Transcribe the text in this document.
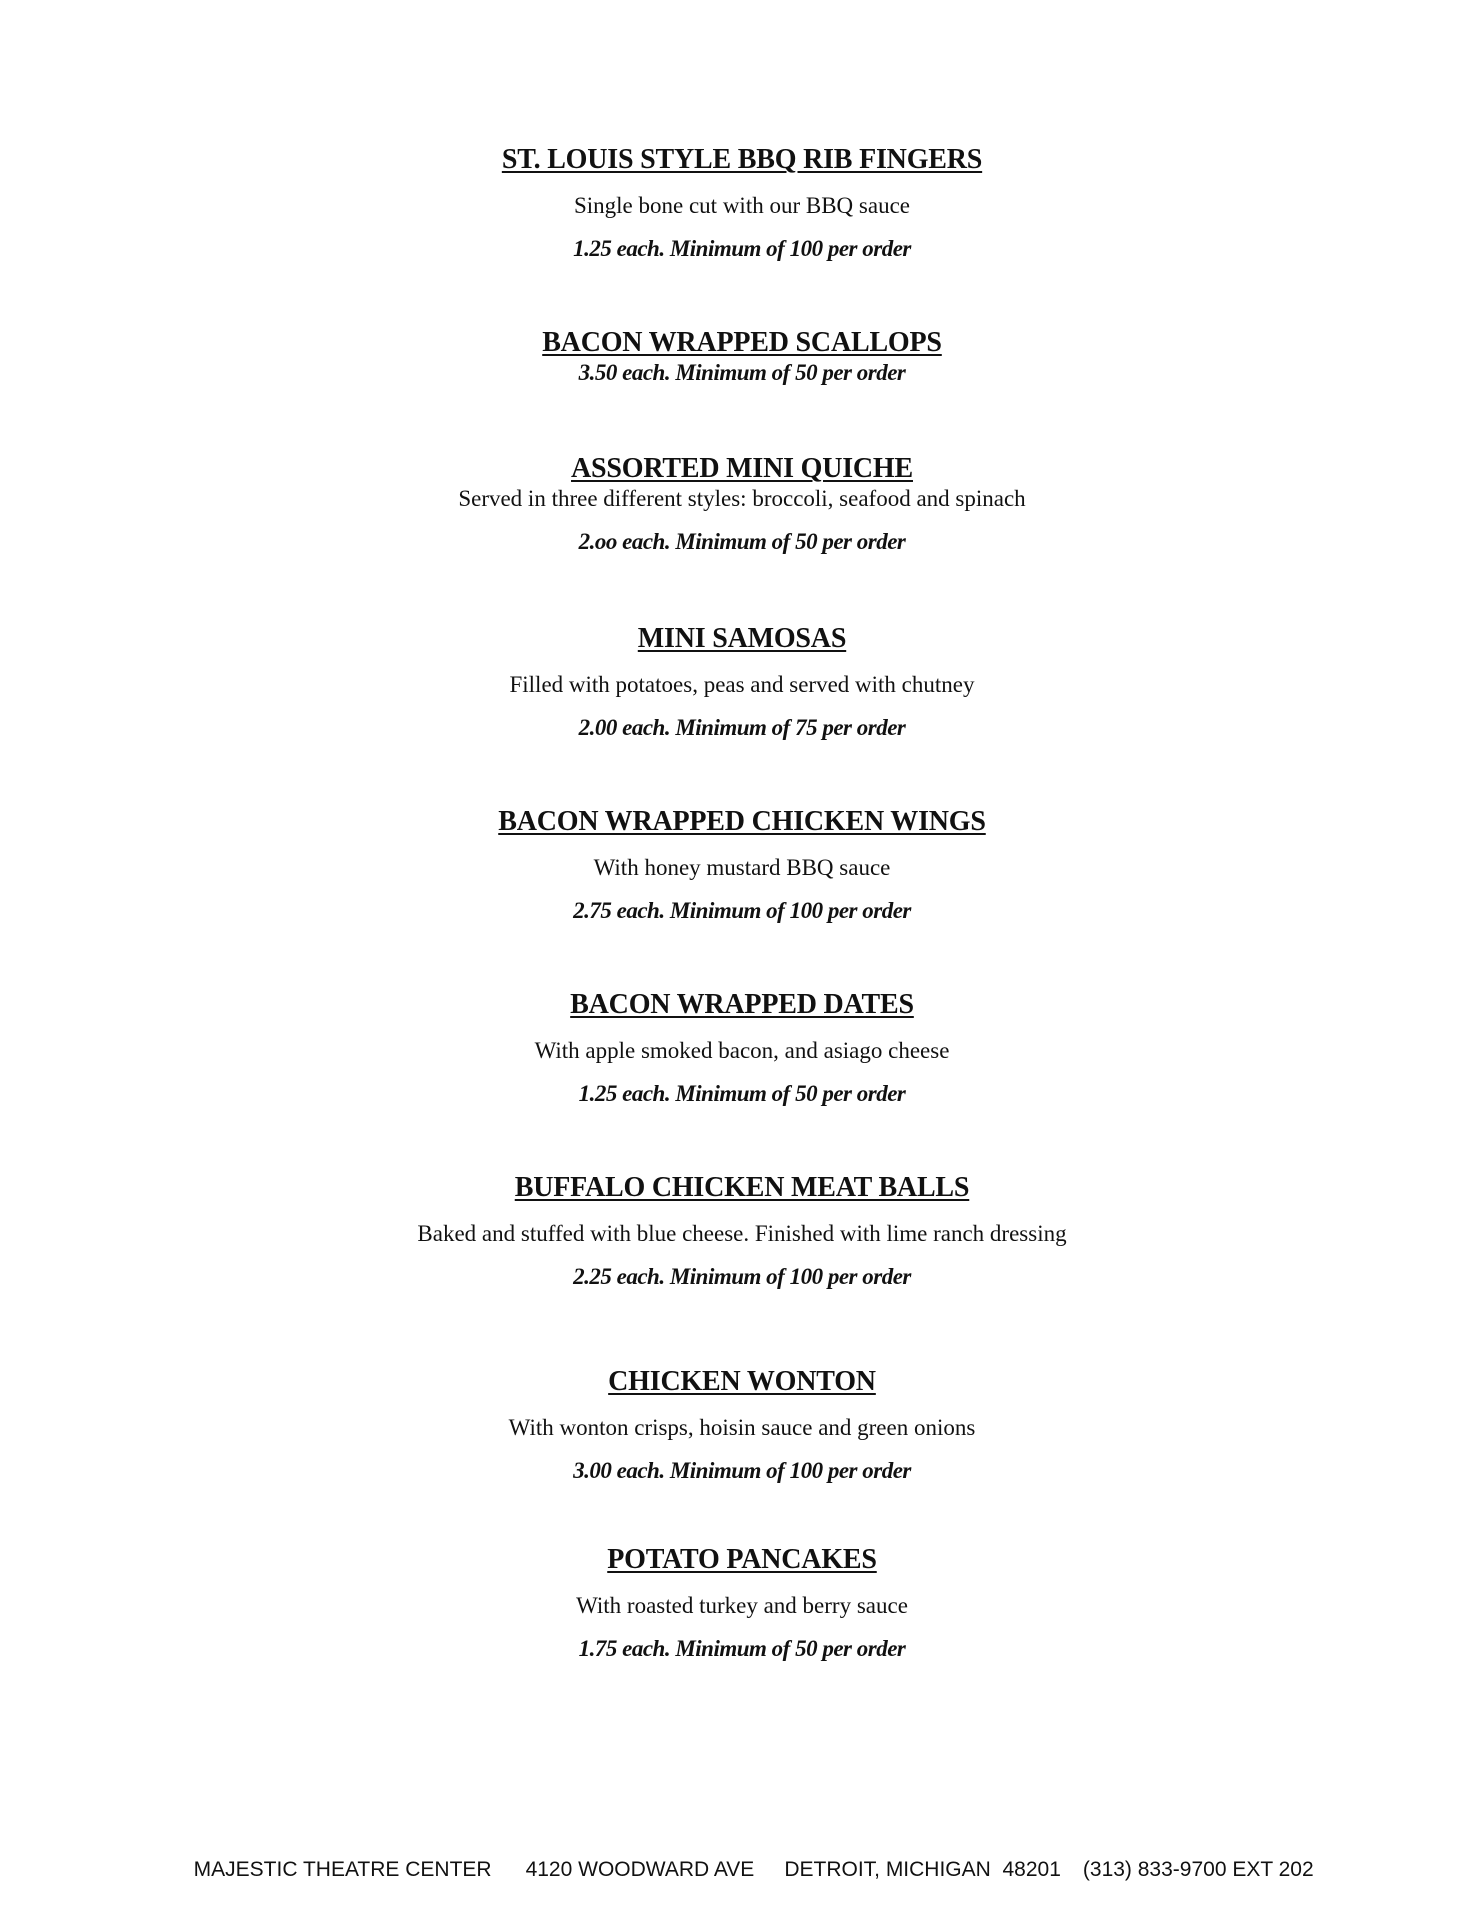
ST. LOUIS STYLE BBQ RIB FINGERS
Single bone cut with our BBQ sauce
1.25 each. Minimum of 100 per order
BACON WRAPPED SCALLOPS
3.50 each. Minimum of 50 per order
ASSORTED MINI QUICHE
Served in three different styles: broccoli, seafood and spinach
2.oo each. Minimum of 50 per order
MINI SAMOSAS
Filled with potatoes, peas and served with chutney
2.00 each. Minimum of 75 per order
BACON WRAPPED CHICKEN WINGS
With honey mustard BBQ sauce
2.75 each. Minimum of 100 per order
BACON WRAPPED DATES
With apple smoked bacon, and asiago cheese
1.25 each. Minimum of 50 per order
BUFFALO CHICKEN MEAT BALLS
Baked and stuffed with blue cheese. Finished with lime ranch dressing
2.25 each. Minimum of 100 per order
CHICKEN WONTON
With wonton crisps, hoisin sauce and green onions
3.00 each. Minimum of 100 per order
POTATO PANCAKES
With roasted turkey and berry sauce
1.75 each. Minimum of 50 per order

MAJESTIC THEATRE CENTER 4120 WOODWARD AVE DETROIT, MICHIGAN  48201 (313) 833-9700 EXT 202
